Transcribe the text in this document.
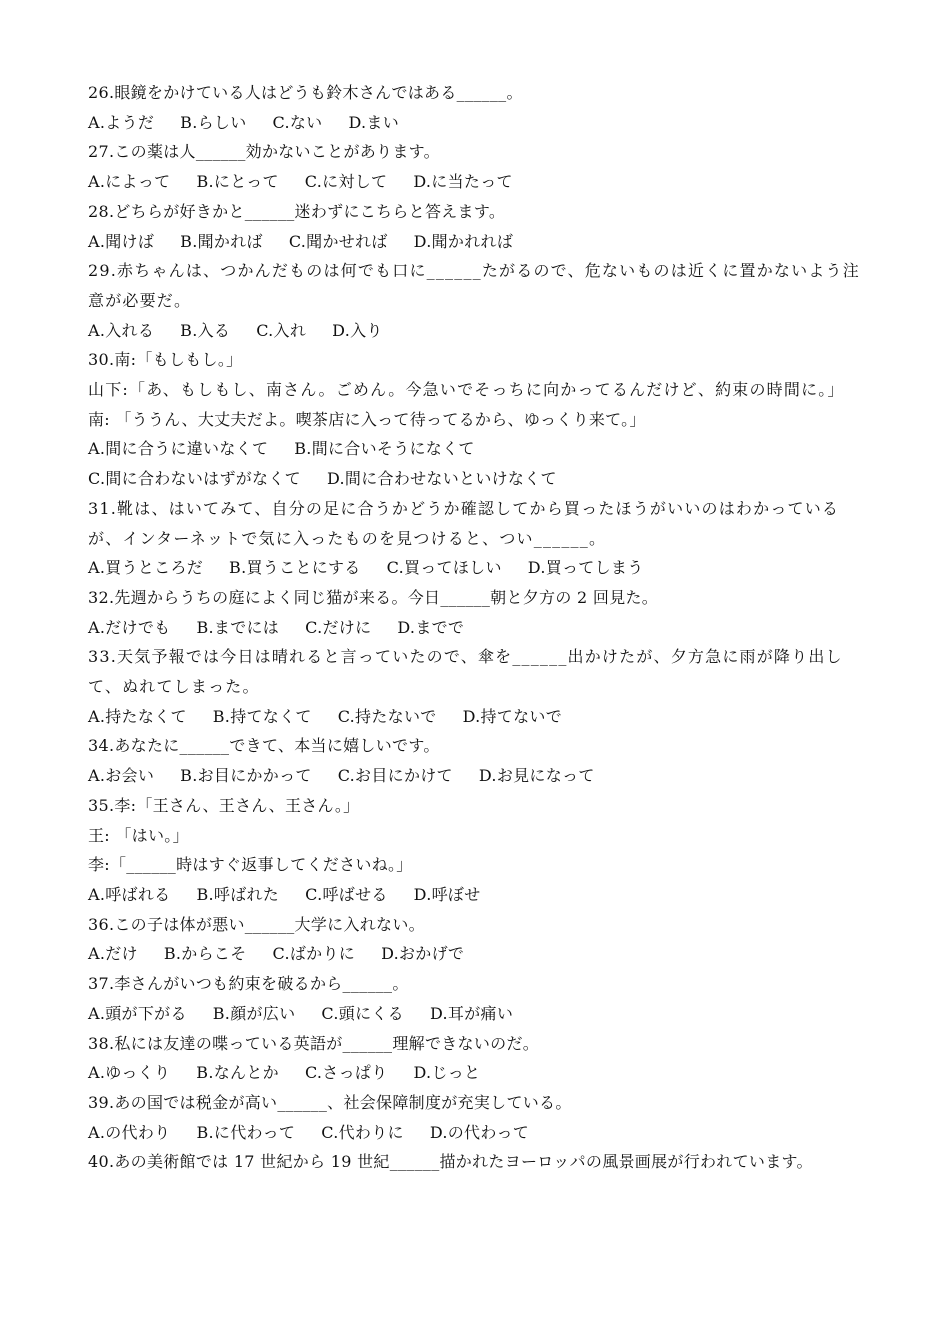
26.眼鏡をかけている人はどうも鈴木さんではある______。
A.ようだ B.らしい C.ない D.まい
27.この薬は人______効かないことがあります。
A.によって B.にとって C.に対して D.に当たって
28.どちらが好きかと______迷わずにこちらと答えます。
A.聞けば B.聞かれば C.聞かせれば D.聞かれれば
29.赤ちゃんは、つかんだものは何でも口に______たがるので、危ないものは近くに置かないよう注意が必要だ。
A.入れる B.入る C.入れ D.入り
30.南:「もしもし。」
山下:「あ、もしもし、南さん。ごめん。今急いでそっちに向かってるんだけど、約束の時間に。」
南: 「ううん、大丈夫だよ。喫茶店に入って待ってるから、ゆっくり来て。」
A.間に合うに違いなくて B.間に合いそうになくて
C.間に合わないはずがなくて D.間に合わせないといけなくて
31.靴は、はいてみて、自分の足に合うかどうか確認してから買ったほうがいいのはわかっているが、インターネットで気に入ったものを見つけると、つい______。
A.買うところだ B.買うことにする C.買ってほしい D.買ってしまう
32.先週からうちの庭によく同じ猫が来る。今日______朝と夕方の 2 回見た。
A.だけでも B.までには C.だけに D.までで
33.天気予報では今日は晴れると言っていたので、傘を______出かけたが、夕方急に雨が降り出して、ぬれてしまった。
A.持たなくて B.持てなくて C.持たないで D.持てないで
34.あなたに______できて、本当に嬉しいです。
A.お会い B.お目にかかって C.お目にかけて D.お見になって
35.李:「王さん、王さん、王さん。」
王: 「はい。」
李:「______時はすぐ返事してくださいね。」
A.呼ばれる B.呼ばれた C.呼ばせる D.呼ぼせ
36.この子は体が悪い______大学に入れない。
A.だけ B.からこそ C.ばかりに D.おかげで
37.李さんがいつも約束を破るから______。
A.頭が下がる B.顔が広い C.頭にくる D.耳が痛い
38.私には友達の喋っている英語が______理解できないのだ。
A.ゆっくり B.なんとか C.さっぱり D.じっと
39.あの国では税金が高い______、社会保障制度が充実している。
A.の代わり B.に代わって C.代わりに D.の代わって
40.あの美術館では 17 世紀から 19 世紀______描かれたヨーロッパの風景画展が行われています。
